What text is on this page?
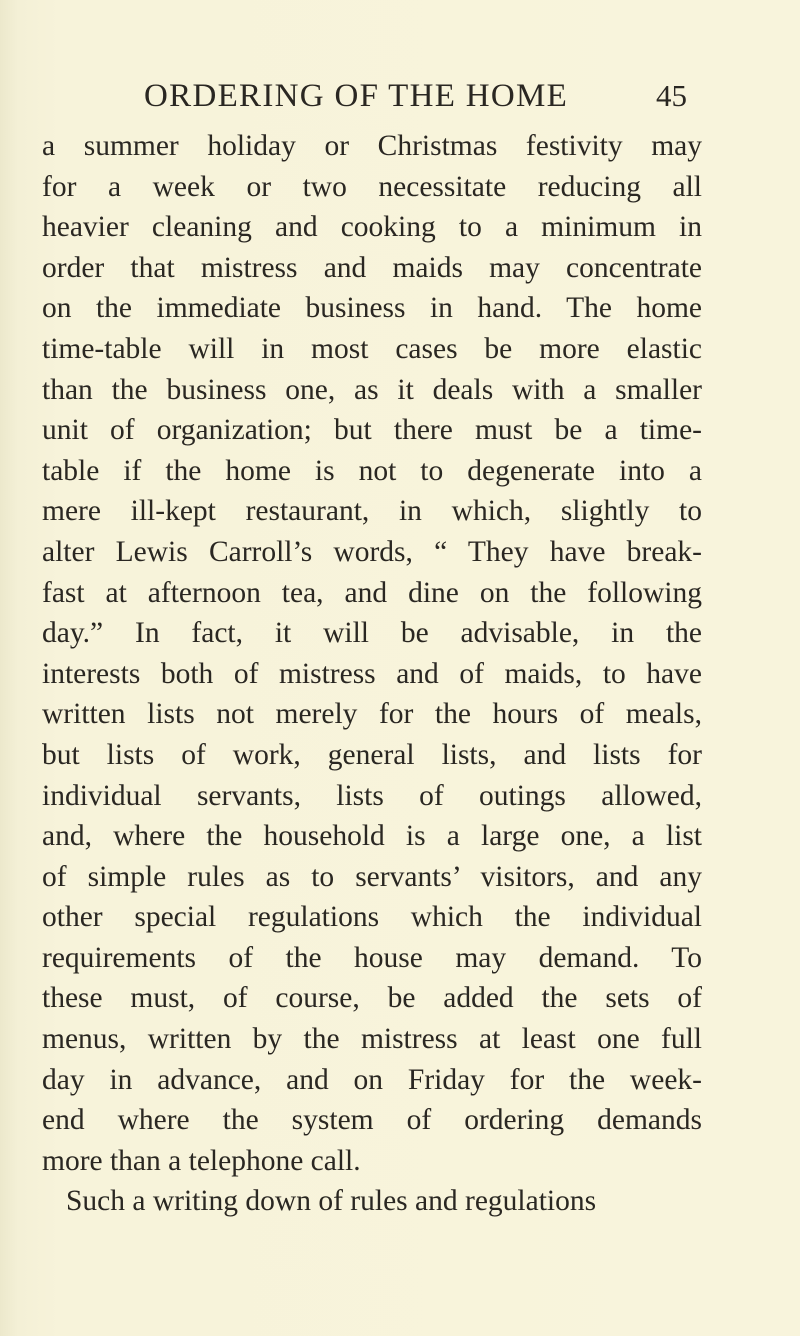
ORDERING OF THE HOME	45
a summer holiday or Christmas festivity may
for a week or two necessitate reducing all
heavier cleaning and cooking to a minimum in
order that mistress and maids may concentrate
on the immediate business in hand. The home
time-table will in most cases be more elastic
than the business one, as it deals with a smaller
unit of organization; but there must be a time-
table if the home is not to degenerate into a
mere ill-kept restaurant, in which, slightly to
alter Lewis Carroll’s words, “ They have break-
fast at afternoon tea, and dine on the following
day.” In fact, it will be advisable, in the
interests both of mistress and of maids, to have
written lists not merely for the hours of meals,
but lists of work, general lists, and lists for
individual servants, lists of outings allowed,
and, where the household is a large one, a list
of simple rules as to servants’ visitors, and any
other special regulations which the individual
requirements of the house may demand. To
these must, of course, be added the sets of
menus, written by the mistress at least one full
day in advance, and on Friday for the week-
end where the system of ordering demands
more than a telephone call.
Such a writing down of rules and regulations
